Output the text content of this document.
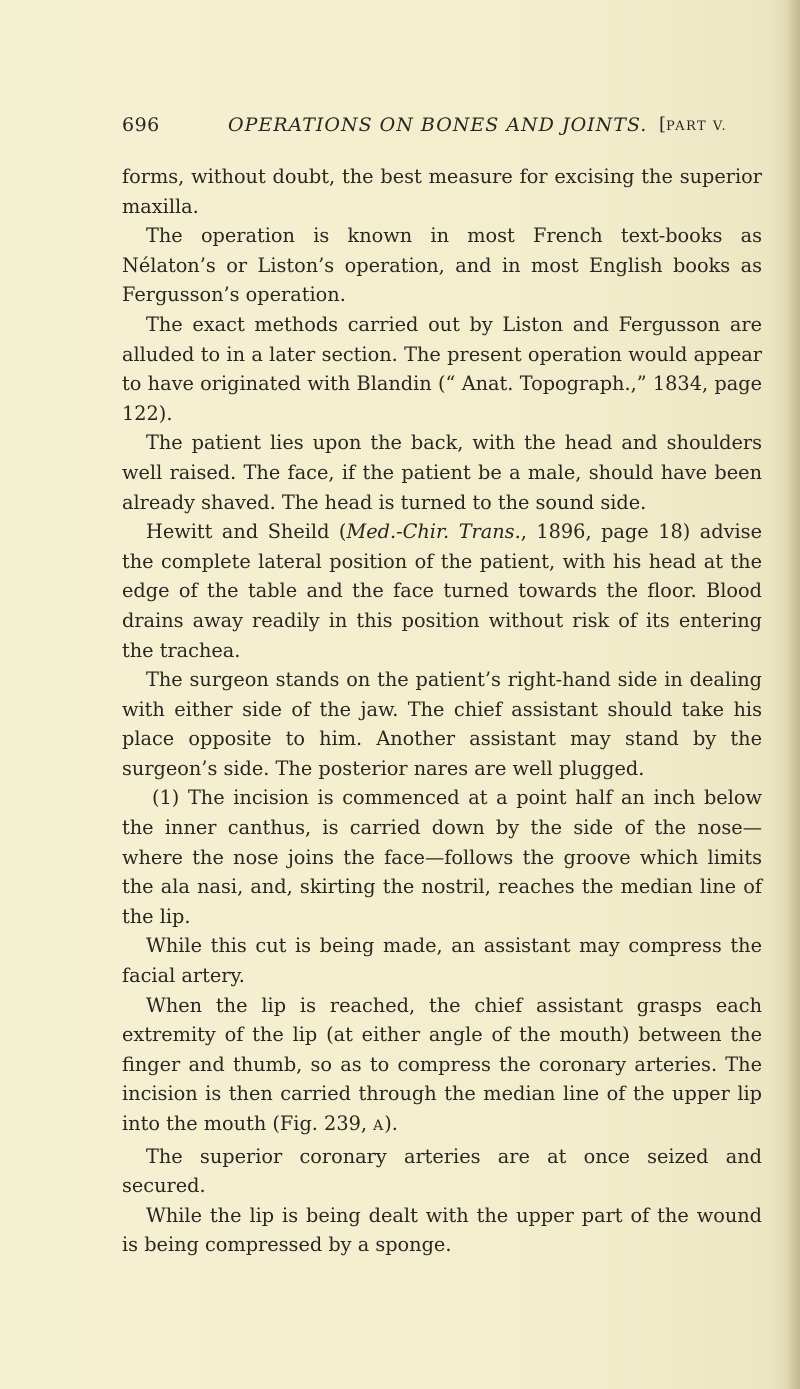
696	OPERATIONS ON BONES AND JOINTS. [PART V.

forms, without doubt, the best measure for excising the superior maxilla.

The operation is known in most French text-books as Nélaton’s or Liston’s operation, and in most English books as Fergusson’s operation.

The exact methods carried out by Liston and Fergusson are alluded to in a later section. The present operation would appear to have originated with Blandin (“ Anat. Topograph.,” 1834, page 122).

The patient lies upon the back, with the head and shoulders well raised. The face, if the patient be a male, should have been already shaved. The head is turned to the sound side.

Hewitt and Sheild (Med.-Chir. Trans., 1896, page 18) advise the complete lateral position of the patient, with his head at the edge of the table and the face turned towards the floor. Blood drains away readily in this position without risk of its entering the trachea.

The surgeon stands on the patient’s right-hand side in dealing with either side of the jaw. The chief assistant should take his place opposite to him. Another assistant may stand by the surgeon’s side. The posterior nares are well plugged.

(1) The incision is commenced at a point half an inch below the inner canthus, is carried down by the side of the nose—where the nose joins the face—follows the groove which limits the ala nasi, and, skirting the nostril, reaches the median line of the lip.

While this cut is being made, an assistant may compress the facial artery.

When the lip is reached, the chief assistant grasps each extremity of the lip (at either angle of the mouth) between the finger and thumb, so as to compress the coronary arteries. The incision is then carried through the median line of the upper lip into the mouth (Fig. 239, A).

The superior coronary arteries are at once seized and secured.

While the lip is being dealt with the upper part of the wound is being compressed by a sponge.
